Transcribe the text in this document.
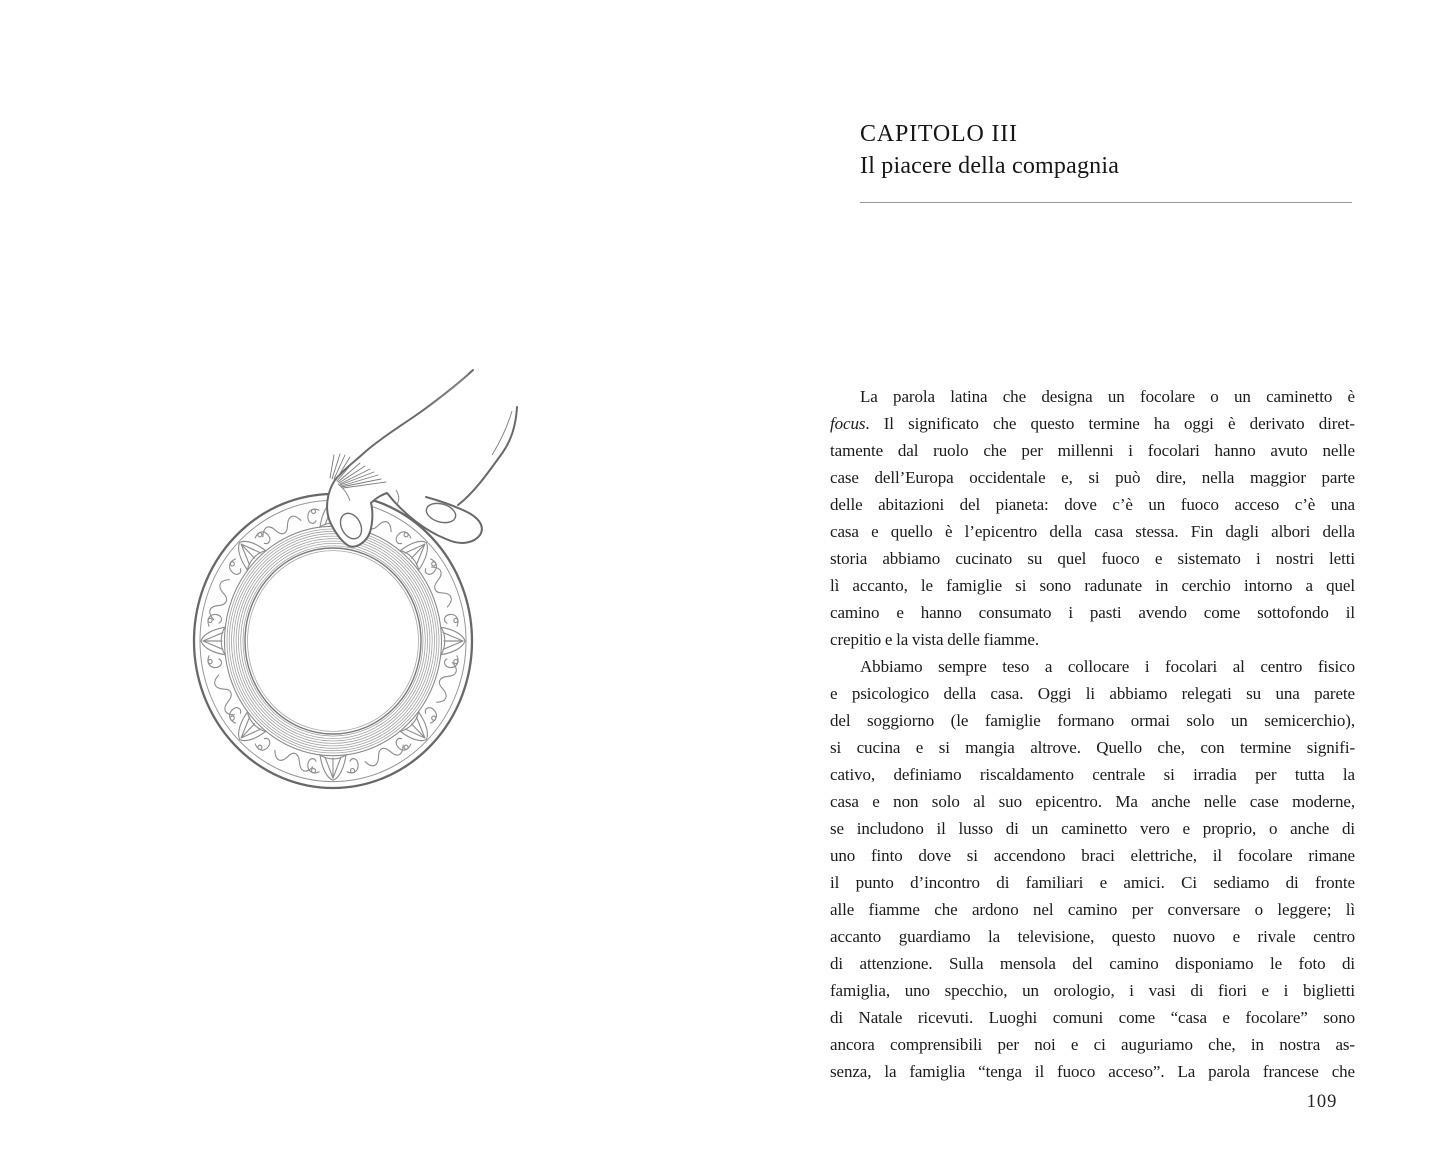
CAPITOLO III
Il piacere della compagnia
La parola latina che designa un focolare o un caminetto è
focus. Il significato che questo termine ha oggi è derivato diret-
tamente dal ruolo che per millenni i focolari hanno avuto nelle
case dell’Europa occidentale e, si può dire, nella maggior parte
delle abitazioni del pianeta: dove c’è un fuoco acceso c’è una
casa e quello è l’epicentro della casa stessa. Fin dagli albori della
storia abbiamo cucinato su quel fuoco e sistemato i nostri letti
lì accanto, le famiglie si sono radunate in cerchio intorno a quel
camino e hanno consumato i pasti avendo come sottofondo il
crepitio e la vista delle fiamme.
Abbiamo sempre teso a collocare i focolari al centro fisico
e psicologico della casa. Oggi li abbiamo relegati su una parete
del soggiorno (le famiglie formano ormai solo un semicerchio),
si cucina e si mangia altrove. Quello che, con termine signifi-
cativo, definiamo riscaldamento centrale si irradia per tutta la
casa e non solo al suo epicentro. Ma anche nelle case moderne,
se includono il lusso di un caminetto vero e proprio, o anche di
uno finto dove si accendono braci elettriche, il focolare rimane
il punto d’incontro di familiari e amici. Ci sediamo di fronte
alle fiamme che ardono nel camino per conversare o leggere; lì
accanto guardiamo la televisione, questo nuovo e rivale centro
di attenzione. Sulla mensola del camino disponiamo le foto di
famiglia, uno specchio, un orologio, i vasi di fiori e i biglietti
di Natale ricevuti. Luoghi comuni come “casa e focolare” sono
ancora comprensibili per noi e ci auguriamo che, in nostra as-
senza, la famiglia “tenga il fuoco acceso”. La parola francese che
109
